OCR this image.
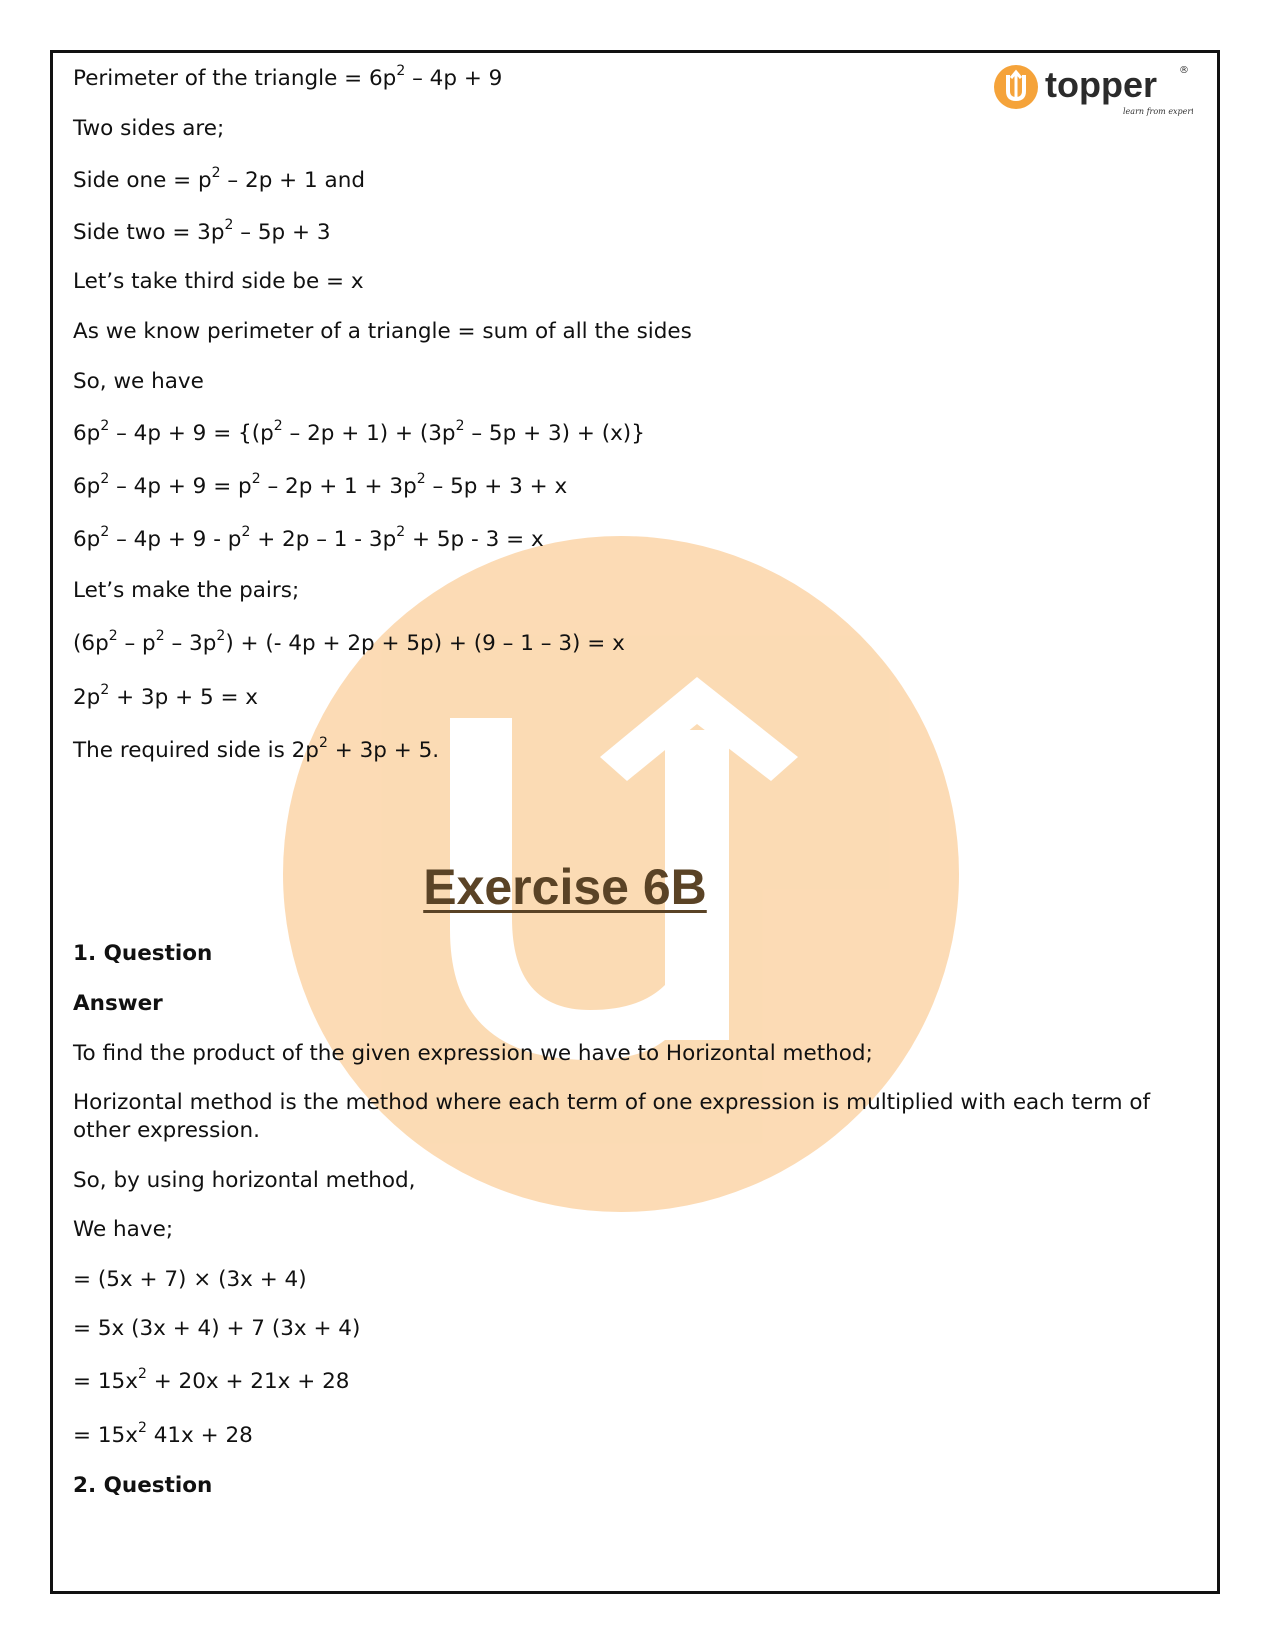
topper
learn from experts
®
Perimeter of the triangle = $6p^2 - 4p + 9$
Two sides are;
Side one = $p^2 - 2p + 1$ and
Side two = $3p^2 - 5p + 3$
Let’s take third side be = x
As we know perimeter of a triangle = sum of all the sides
So, we have
$6p^2 - 4p + 9 = \{(p^2 - 2p + 1) + (3p^2 - 5p + 3) + (x)\}$
$6p^2 - 4p + 9 = p^2 - 2p + 1 + 3p^2 - 5p + 3 + x$
$6p^2 - 4p + 9 - p^2 + 2p - 1 - 3p^2 + 5p - 3 = x$
Let’s make the pairs;
$(6p^2 - p^2 - 3p^2)$ + (- 4p + 2p + 5p) + (9 – 1 – 3) = x
$2p^2 + 3p + 5 = x$
The required side is $2p^2 + 3p + 5$.
1. Question
Answer
To find the product of the given expression we have to Horizontal method;
Horizontal method is the method where each term of one expression is multiplied with each term of other expression.
So, by using horizontal method,
We have;
= (5x + 7) × (3x + 4)
= 5x (3x + 4) + 7 (3x + 4)
= $15x^2 + 20x + 21x + 28$
= $15x^2$ 41x + 28
2. Question
Exercise 6B
